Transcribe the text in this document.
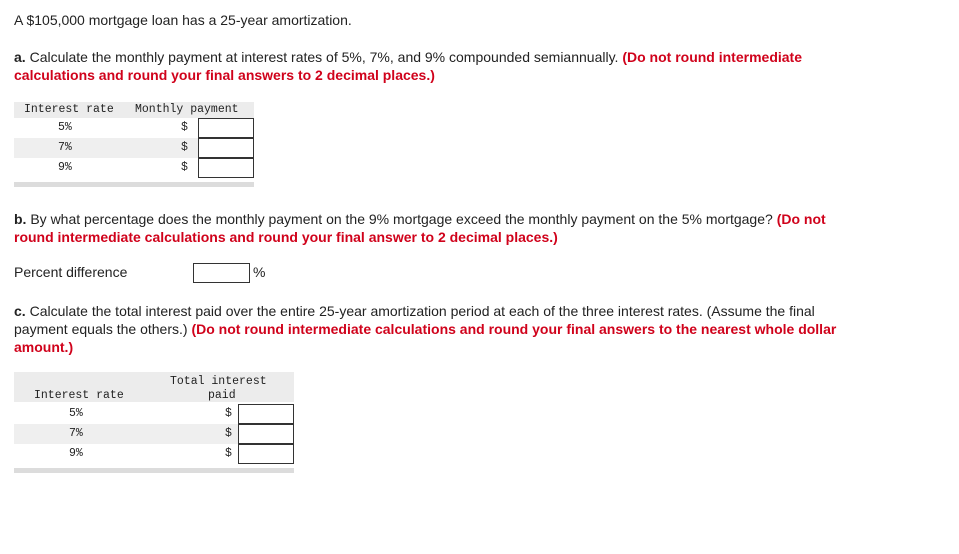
A $105,000 mortgage loan has a 25-year amortization.

a. Calculate the monthly payment at interest rates of 5%, 7%, and 9% compounded semiannually. (Do not round intermediate
calculations and round your final answers to 2 decimal places.)

Interest rate Monthly payment
5%	$
7%	$
9%	$

b. By what percentage does the monthly payment on the 9% mortgage exceed the monthly payment on the 5% mortgage? (Do not
round intermediate calculations and round your final answer to 2 decimal places.)

Percent difference	%

c. Calculate the total interest paid over the entire 25-year amortization period at each of the three interest rates. (Assume the final
payment equals the others.) (Do not round intermediate calculations and round your final answers to the nearest whole dollar
amount.)

Interest rate
Total interest
paid
5%	$
7%	$
9%	$
